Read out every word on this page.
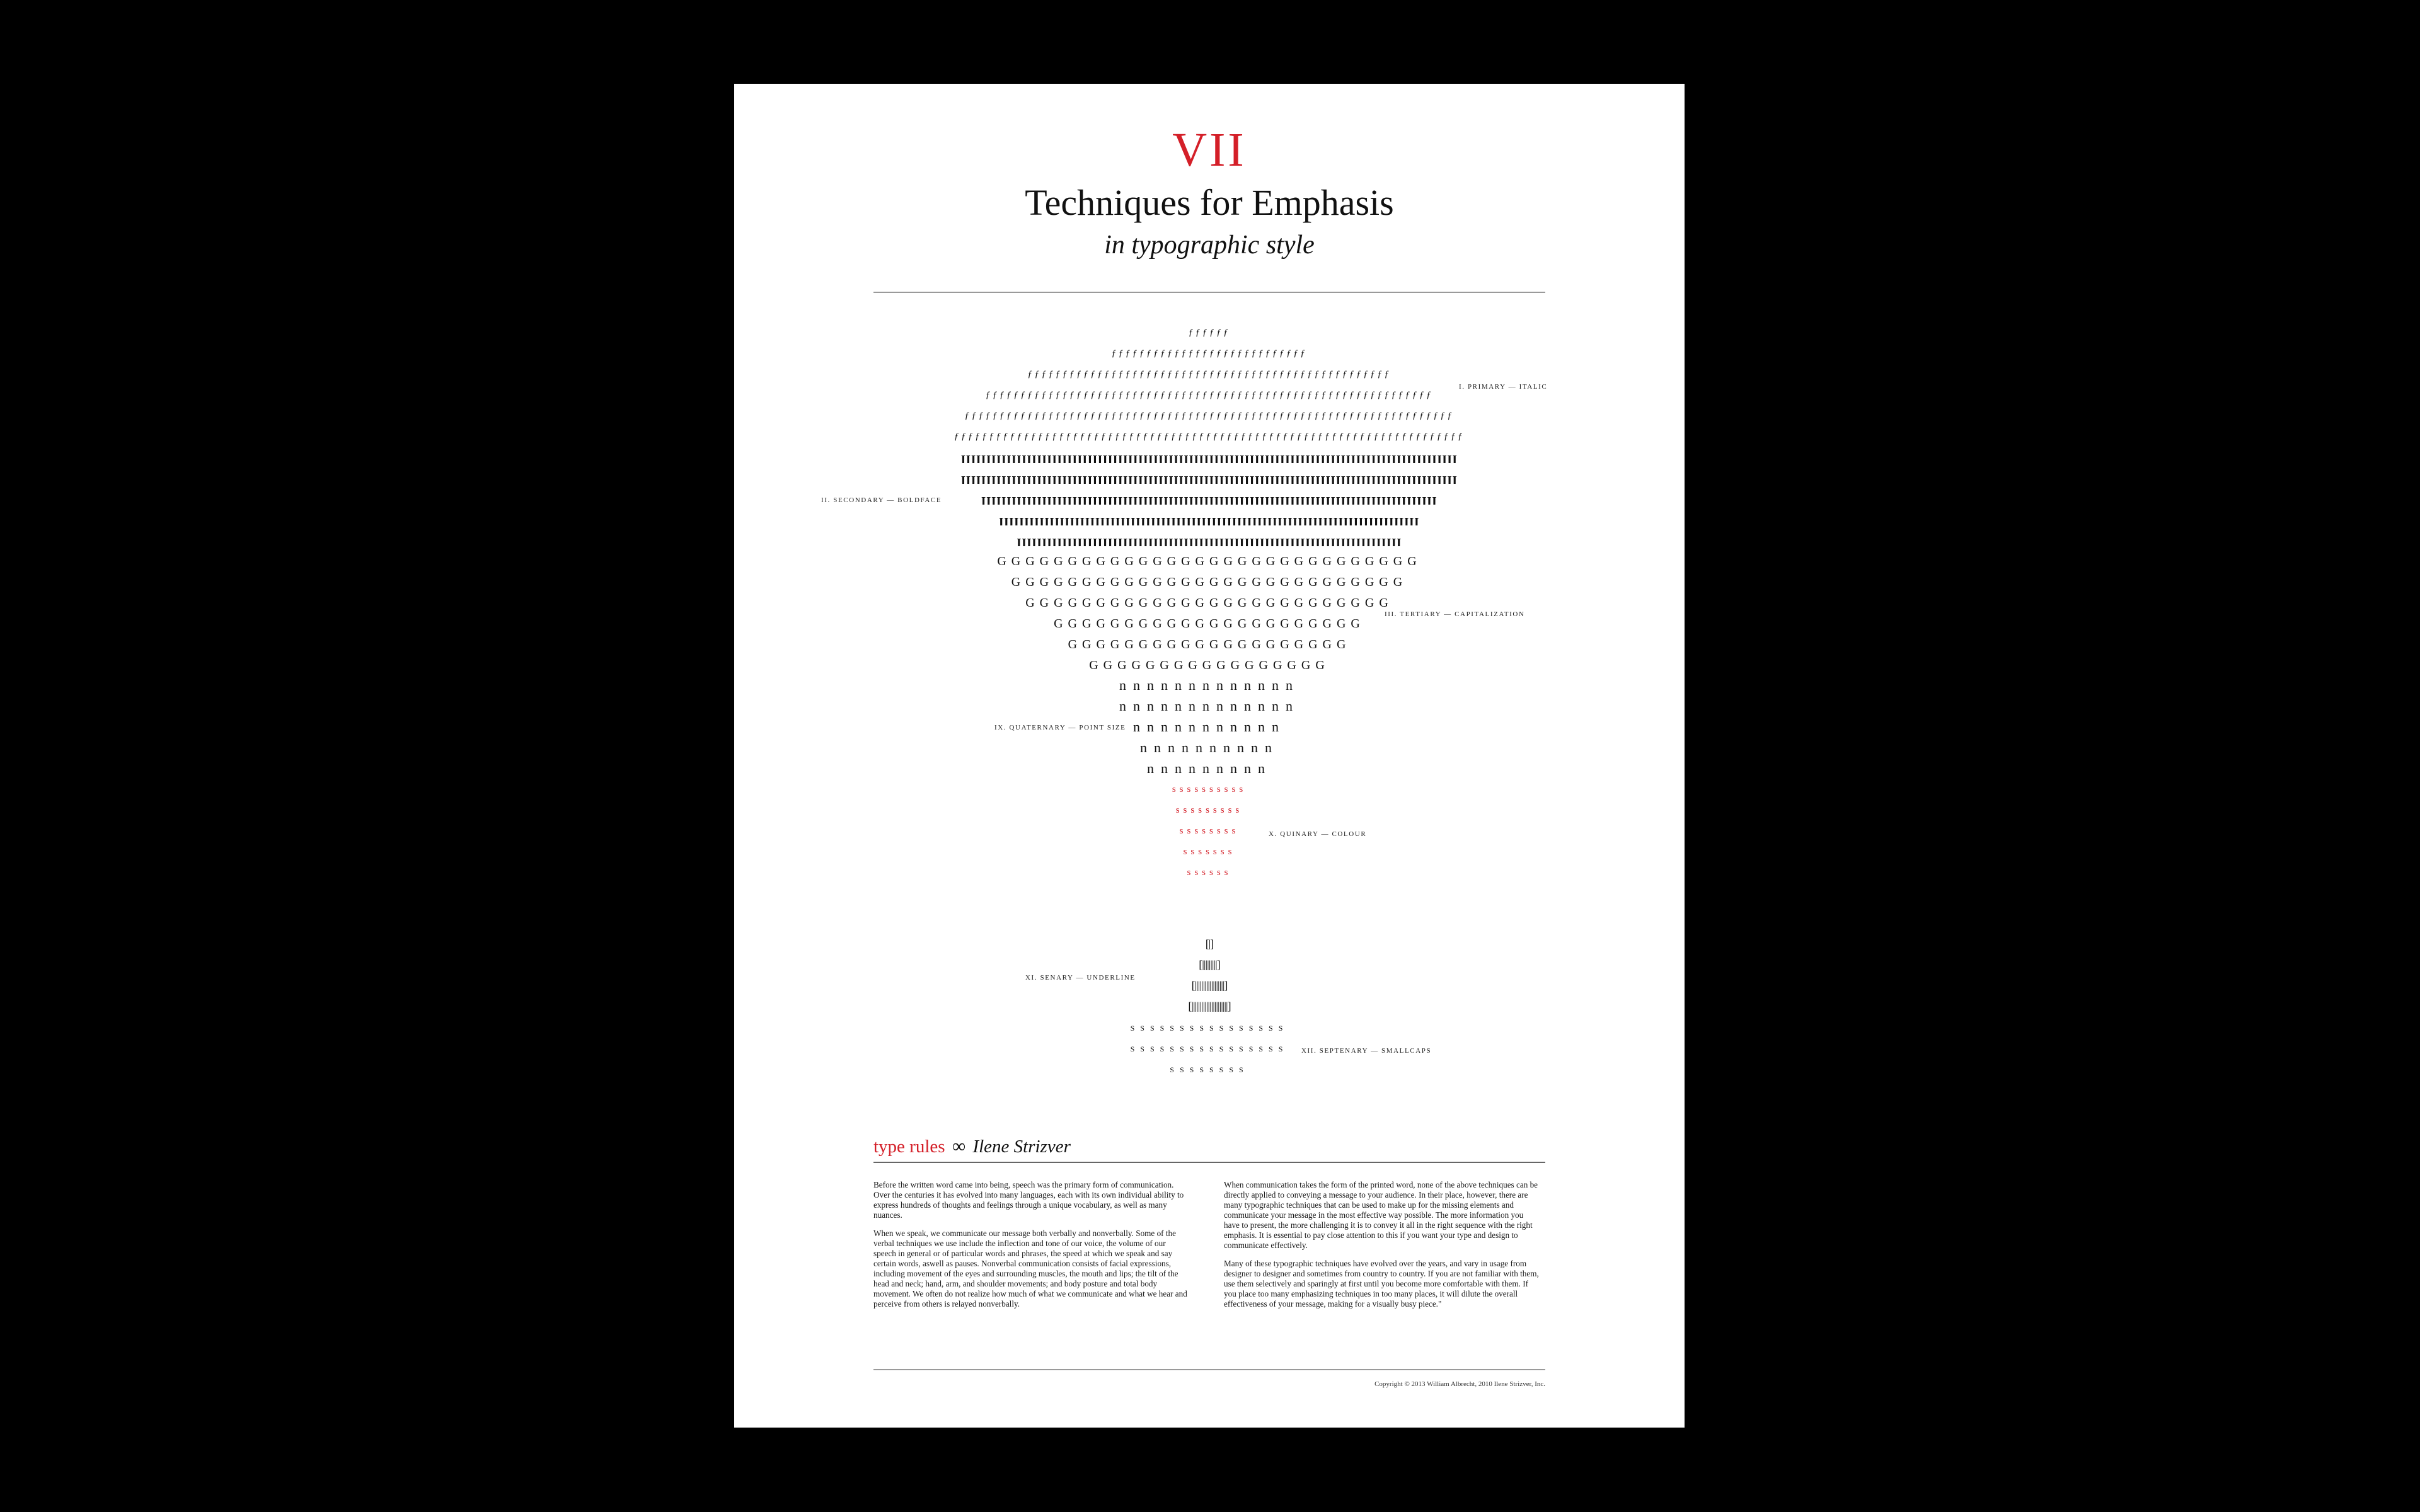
VII
Techniques for Emphasis
in typographic style
ƒƒƒƒƒƒ
ƒƒƒƒƒƒƒƒƒƒƒƒƒƒƒƒƒƒƒƒƒƒƒƒƒƒƒƒ
ƒƒƒƒƒƒƒƒƒƒƒƒƒƒƒƒƒƒƒƒƒƒƒƒƒƒƒƒƒƒƒƒƒƒƒƒƒƒƒƒƒƒƒƒƒƒƒƒƒƒƒƒ
ƒƒƒƒƒƒƒƒƒƒƒƒƒƒƒƒƒƒƒƒƒƒƒƒƒƒƒƒƒƒƒƒƒƒƒƒƒƒƒƒƒƒƒƒƒƒƒƒƒƒƒƒƒƒƒƒƒƒƒƒƒƒƒƒ
ƒƒƒƒƒƒƒƒƒƒƒƒƒƒƒƒƒƒƒƒƒƒƒƒƒƒƒƒƒƒƒƒƒƒƒƒƒƒƒƒƒƒƒƒƒƒƒƒƒƒƒƒƒƒƒƒƒƒƒƒƒƒƒƒƒƒƒƒƒƒ
ƒƒƒƒƒƒƒƒƒƒƒƒƒƒƒƒƒƒƒƒƒƒƒƒƒƒƒƒƒƒƒƒƒƒƒƒƒƒƒƒƒƒƒƒƒƒƒƒƒƒƒƒƒƒƒƒƒƒƒƒƒƒƒƒƒƒƒƒƒƒƒƒƒ
ꞁꞁꞁꞁꞁꞁꞁꞁꞁꞁꞁꞁꞁꞁꞁꞁꞁꞁꞁꞁꞁꞁꞁꞁꞁꞁꞁꞁꞁꞁꞁꞁꞁꞁꞁꞁꞁꞁꞁꞁꞁꞁꞁꞁꞁꞁꞁꞁꞁꞁꞁꞁꞁꞁꞁꞁꞁꞁꞁꞁꞁꞁꞁꞁꞁꞁꞁꞁꞁꞁꞁꞁꞁꞁꞁꞁꞁꞁꞁꞁꞁꞁꞁꞁꞁꞁꞁꞁꞁꞁꞁꞁꞁꞁꞁꞁꞁꞁ
ꞁꞁꞁꞁꞁꞁꞁꞁꞁꞁꞁꞁꞁꞁꞁꞁꞁꞁꞁꞁꞁꞁꞁꞁꞁꞁꞁꞁꞁꞁꞁꞁꞁꞁꞁꞁꞁꞁꞁꞁꞁꞁꞁꞁꞁꞁꞁꞁꞁꞁꞁꞁꞁꞁꞁꞁꞁꞁꞁꞁꞁꞁꞁꞁꞁꞁꞁꞁꞁꞁꞁꞁꞁꞁꞁꞁꞁꞁꞁꞁꞁꞁꞁꞁꞁꞁꞁꞁꞁꞁꞁꞁꞁꞁꞁꞁꞁꞁ
ꞁꞁꞁꞁꞁꞁꞁꞁꞁꞁꞁꞁꞁꞁꞁꞁꞁꞁꞁꞁꞁꞁꞁꞁꞁꞁꞁꞁꞁꞁꞁꞁꞁꞁꞁꞁꞁꞁꞁꞁꞁꞁꞁꞁꞁꞁꞁꞁꞁꞁꞁꞁꞁꞁꞁꞁꞁꞁꞁꞁꞁꞁꞁꞁꞁꞁꞁꞁꞁꞁꞁꞁꞁꞁꞁꞁꞁꞁꞁꞁꞁꞁꞁꞁꞁꞁꞁꞁꞁꞁ
ꞁꞁꞁꞁꞁꞁꞁꞁꞁꞁꞁꞁꞁꞁꞁꞁꞁꞁꞁꞁꞁꞁꞁꞁꞁꞁꞁꞁꞁꞁꞁꞁꞁꞁꞁꞁꞁꞁꞁꞁꞁꞁꞁꞁꞁꞁꞁꞁꞁꞁꞁꞁꞁꞁꞁꞁꞁꞁꞁꞁꞁꞁꞁꞁꞁꞁꞁꞁꞁꞁꞁꞁꞁꞁꞁꞁꞁꞁꞁꞁꞁꞁꞁ
ꞁꞁꞁꞁꞁꞁꞁꞁꞁꞁꞁꞁꞁꞁꞁꞁꞁꞁꞁꞁꞁꞁꞁꞁꞁꞁꞁꞁꞁꞁꞁꞁꞁꞁꞁꞁꞁꞁꞁꞁꞁꞁꞁꞁꞁꞁꞁꞁꞁꞁꞁꞁꞁꞁꞁꞁꞁꞁꞁꞁꞁꞁꞁꞁꞁꞁꞁꞁꞁꞁꞁꞁꞁꞁꞁꞁ
GGGGGGGGGGGGGGGGGGGGGGGGGGGGGG
GGGGGGGGGGGGGGGGGGGGGGGGGGGG
GGGGGGGGGGGGGGGGGGGGGGGGGG
GGGGGGGGGGGGGGGGGGGGGG
GGGGGGGGGGGGGGGGGGGG
GGGGGGGGGGGGGGGGG
nnnnnnnnnnnnn
nnnnnnnnnnnnn
nnnnnnnnnnn
nnnnnnnnnn
nnnnnnnnn
ssssssssss
sssssssss
ssssssss
sssssss
ssssss
[|]
[|||||||||]
[||||||||||||||||||]
[||||||||||||||||||||||]
SSSSSSSSSSSSSSSS
SSSSSSSSSSSSSSSS
SSSSSSSS
I. PRIMARY — ITALIC
II. SECONDARY — BOLDFACE
III. TERTIARY — CAPITALIZATION
IX. QUATERNARY — POINT SIZE
X. QUINARY — COLOUR
XI. SENARY — UNDERLINE
XII. SEPTENARY — SMALLCAPS
type rules ∞ Ilene Strizver

Before the written word came into being, speech was the primary form of communication. Over the centuries it has evolved into many languages, each with its own individual ability to express hundreds of thoughts and feelings through a unique vocabulary, as well as many nuances.

When we speak, we communicate our message both verbally and nonverbally. Some of the verbal techniques we use include the inflection and tone of our voice, the volume of our speech in general or of particular words and phrases, the speed at which we speak and say certain words, aswell as pauses. Nonverbal communication consists of facial expressions, including movement of the eyes and surrounding muscles, the mouth and lips; the tilt of the head and neck; hand, arm, and shoulder movements; and body posture and total body movement. We often do not realize how much of what we communicate and what we hear and perceive from others is relayed nonverbally.

When communication takes the form of the printed word, none of the above techniques can be directly applied to conveying a message to your audience. In their place, however, there are many typographic techniques that can be used to make up for the missing elements and communicate your message in the most effective way possible. The more information you have to present, the more challenging it is to convey it all in the right sequence with the right emphasis. It is essential to pay close attention to this if you want your type and design to communicate effectively.

Many of these typographic techniques have evolved over the years, and vary in usage from designer to designer and sometimes from country to country. If you are not familiar with them, use them selectively and sparingly at first until you become more comfortable with them. If you place too many emphasizing techniques in too many places, it will dilute the overall effectiveness of your message, making for a visually busy piece."

Copyright © 2013 William Albrecht, 2010 Ilene Strizver, Inc.
